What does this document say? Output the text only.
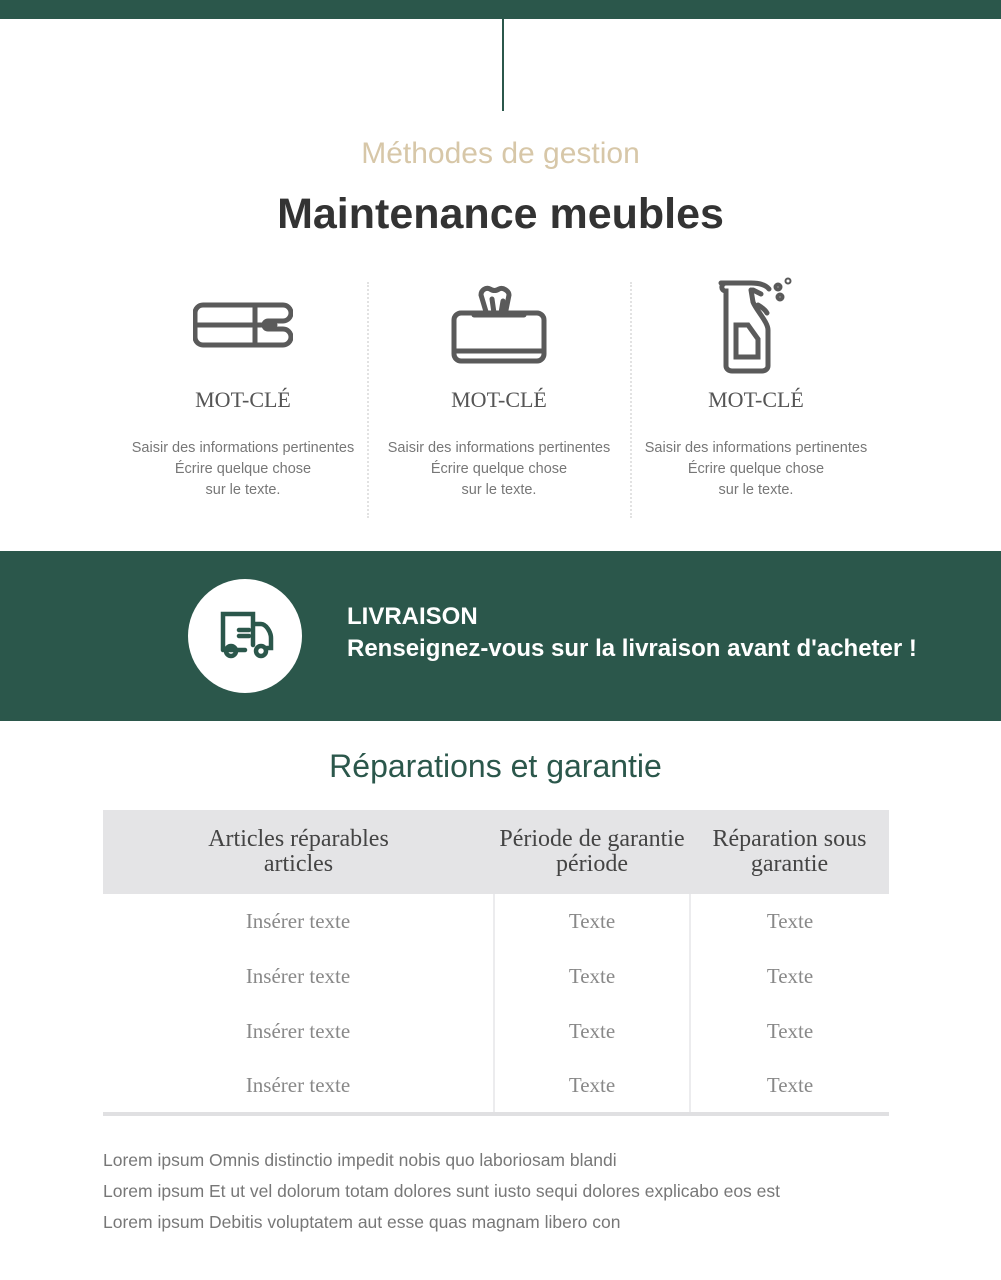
Méthodes de gestion
Maintenance meubles
MOT-CLÉ
Saisir des informations pertinentes
Écrire quelque chose
sur le texte.
MOT-CLÉ
Saisir des informations pertinentes
Écrire quelque chose
sur le texte.
MOT-CLÉ
Saisir des informations pertinentes
Écrire quelque chose
sur le texte.
LIVRAISON
Renseignez-vous sur la livraison avant d'acheter !
Réparations et garantie
Articles réparables articles	Période de garantie période	Réparation sous garantie
Insérer texte	Texte	Texte
Insérer texte	Texte	Texte
Insérer texte	Texte	Texte
Insérer texte	Texte	Texte
Lorem ipsum Omnis distinctio impedit nobis quo laboriosam blandi
Lorem ipsum Et ut vel dolorum totam dolores sunt iusto sequi dolores explicabo eos est
Lorem ipsum Debitis voluptatem aut esse quas magnam libero con
